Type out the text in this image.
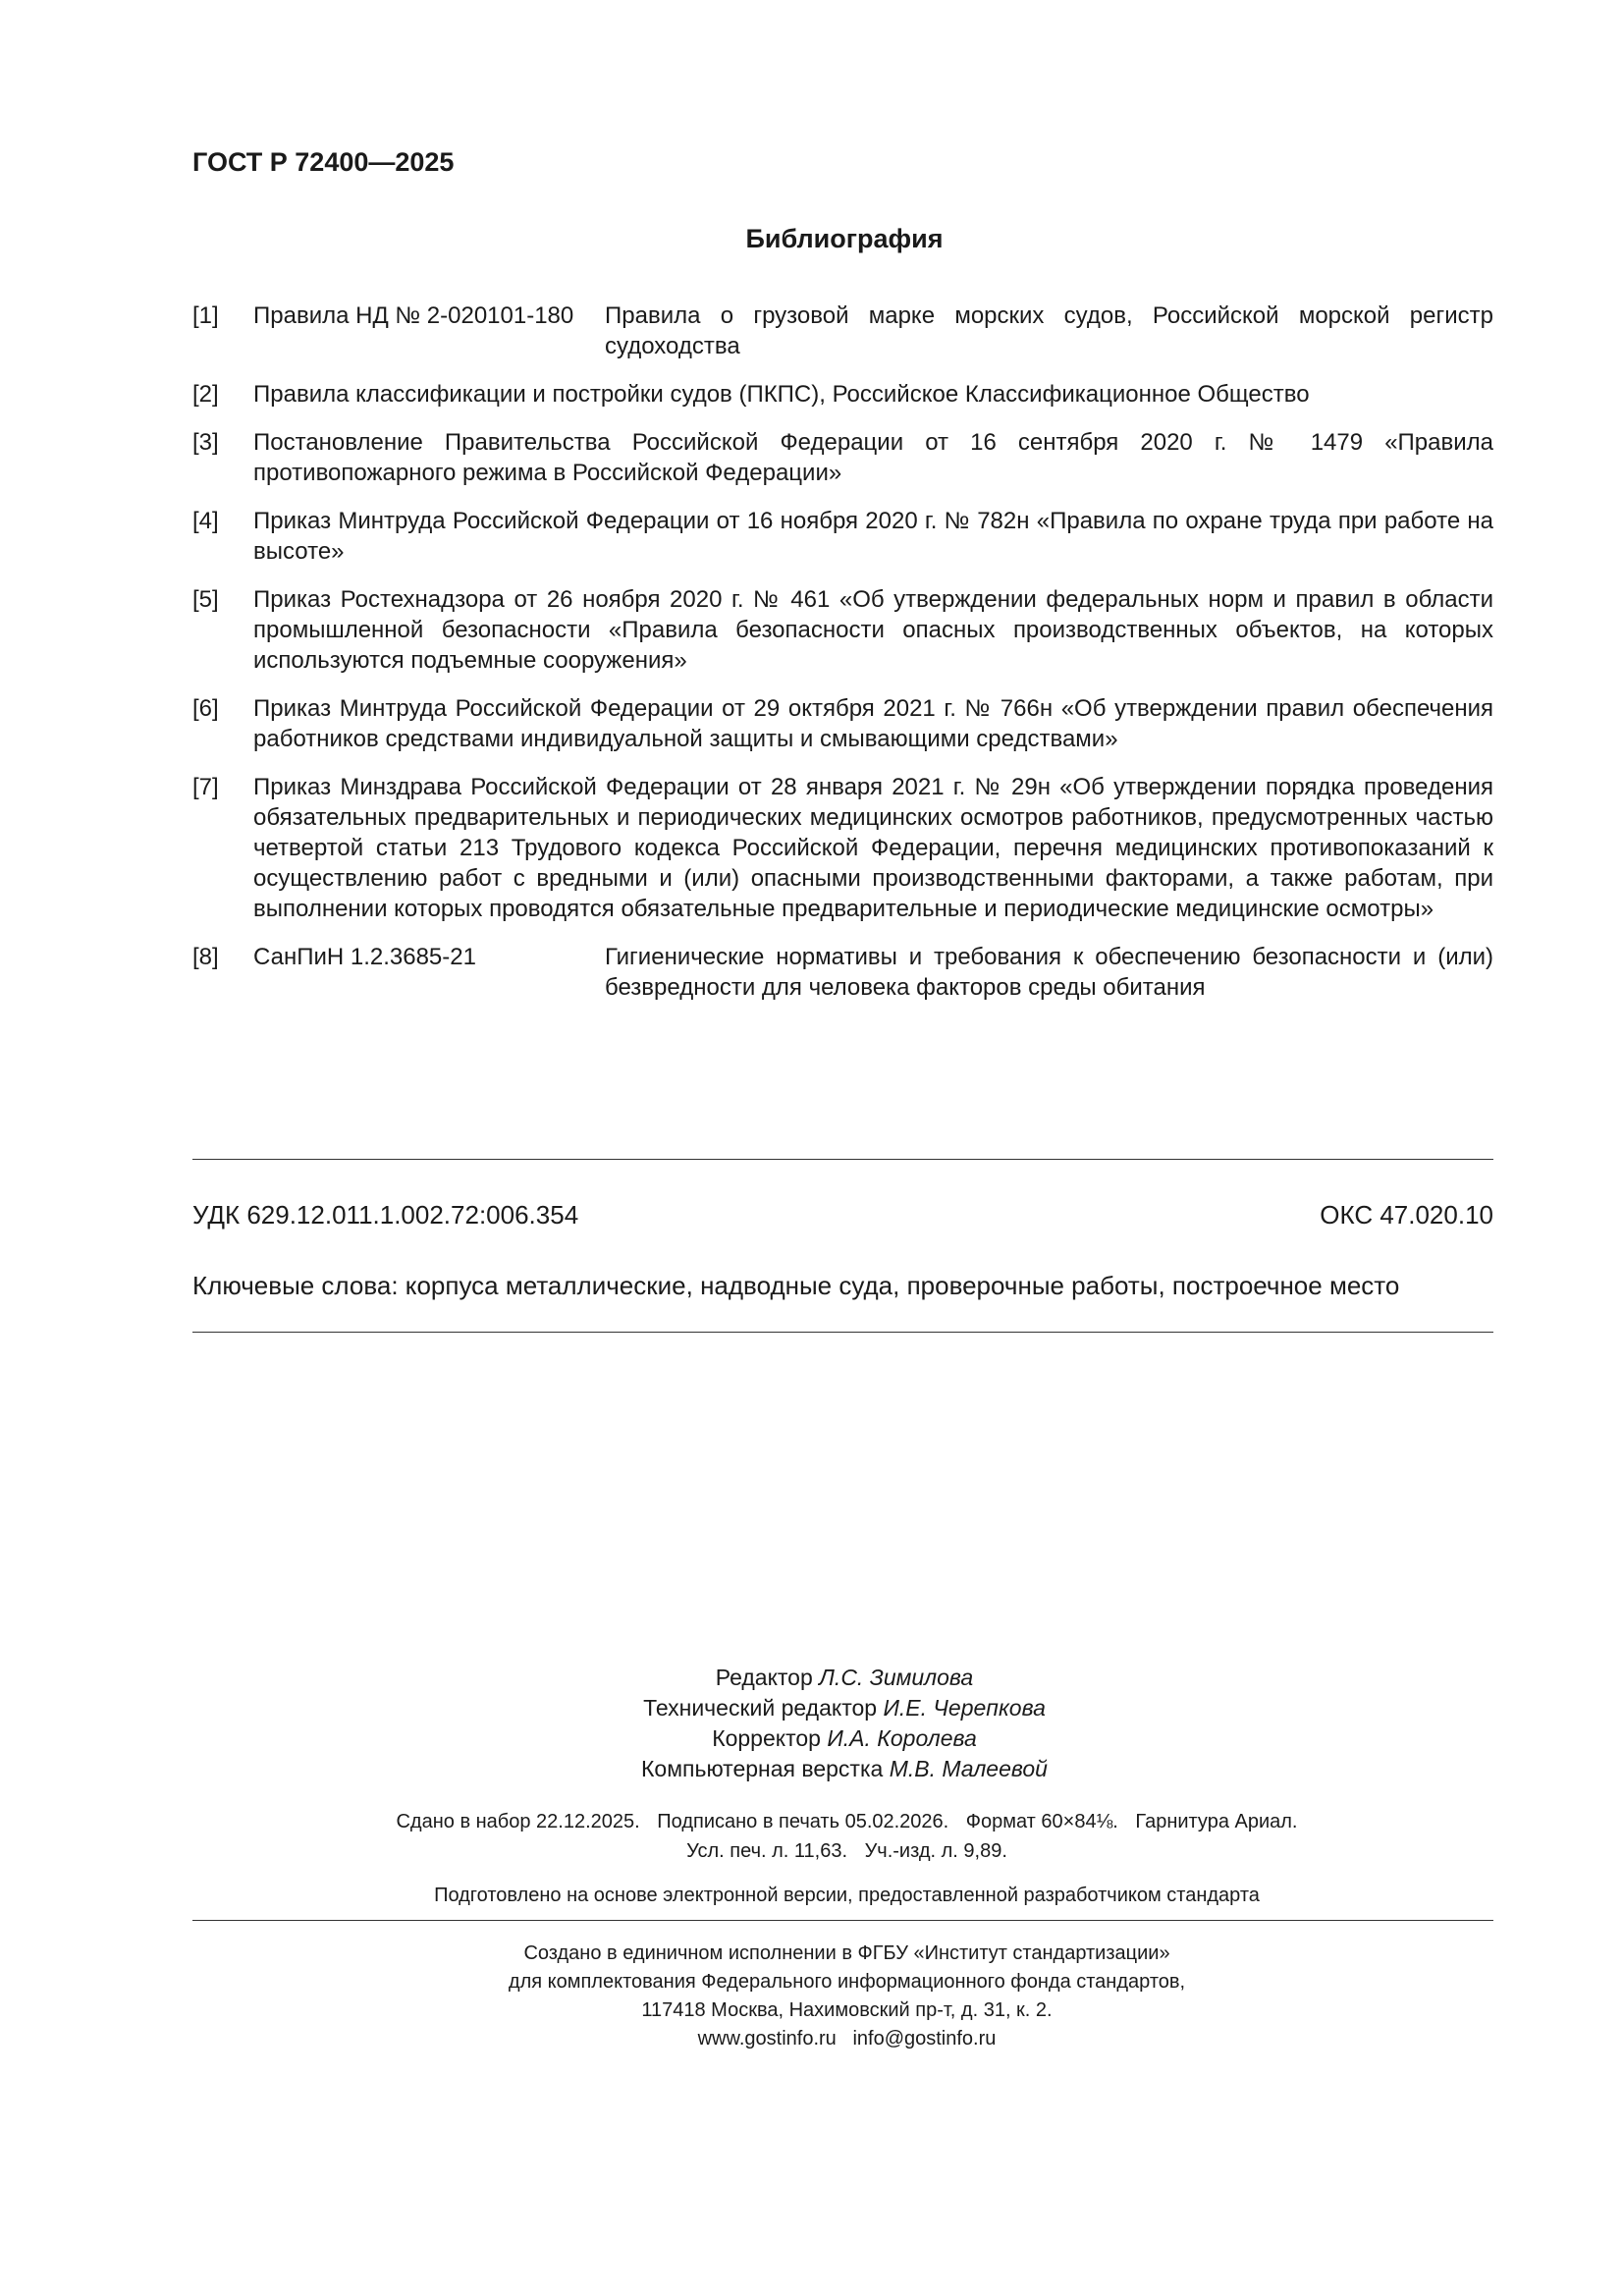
ГОСТ Р 72400—2025
Библиография
[1]	Правила НД № 2-020101-180	Правила о грузовой марке морских судов, Российской морской регистр судоходства
[2]	Правила классификации и постройки судов (ПКПС), Российское Классификационное Общество
[3]	Постановление Правительства Российской Федерации от 16 сентября 2020 г. № 1479 «Правила противопожарного режима в Российской Федерации»
[4]	Приказ Минтруда Российской Федерации от 16 ноября 2020 г. № 782н «Правила по охране труда при работе на высоте»
[5]	Приказ Ростехнадзора от 26 ноября 2020 г. № 461 «Об утверждении федеральных норм и правил в области промышленной безопасности «Правила безопасности опасных производственных объектов, на которых используются подъемные сооружения»
[6]	Приказ Минтруда Российской Федерации от 29 октября 2021 г. № 766н «Об утверждении правил обеспечения работников средствами индивидуальной защиты и смывающими средствами»
[7]	Приказ Минздрава Российской Федерации от 28 января 2021 г. № 29н «Об утверждении порядка проведения обязательных предварительных и периодических медицинских осмотров работников, предусмотренных частью четвертой статьи 213 Трудового кодекса Российской Федерации, перечня медицинских противопоказаний к осуществлению работ с вредными и (или) опасными производственными факторами, а также работам, при выполнении которых проводятся обязательные предварительные и периодические медицинские осмотры»
[8]	СанПиН 1.2.3685-21	Гигиенические нормативы и требования к обеспечению безопасности и (или) безвредности для человека факторов среды обитания
УДК 629.12.011.1.002.72:006.354	ОКС 47.020.10
Ключевые слова: корпуса металлические, надводные суда, проверочные работы, построечное место
Редактор Л.С. Зимилова
Технический редактор И.Е. Черепкова
Корректор И.А. Королева
Компьютерная верстка М.В. Малеевой
Сдано в набор 22.12.2025. Подписано в печать 05.02.2026. Формат 60×84⅛. Гарнитура Ариал.
Усл. печ. л. 11,63. Уч.-изд. л. 9,89.
Подготовлено на основе электронной версии, предоставленной разработчиком стандарта
Создано в единичном исполнении в ФГБУ «Институт стандартизации»
для комплектования Федерального информационного фонда стандартов,
117418 Москва, Нахимовский пр-т, д. 31, к. 2.
www.gostinfo.ru   info@gostinfo.ru
